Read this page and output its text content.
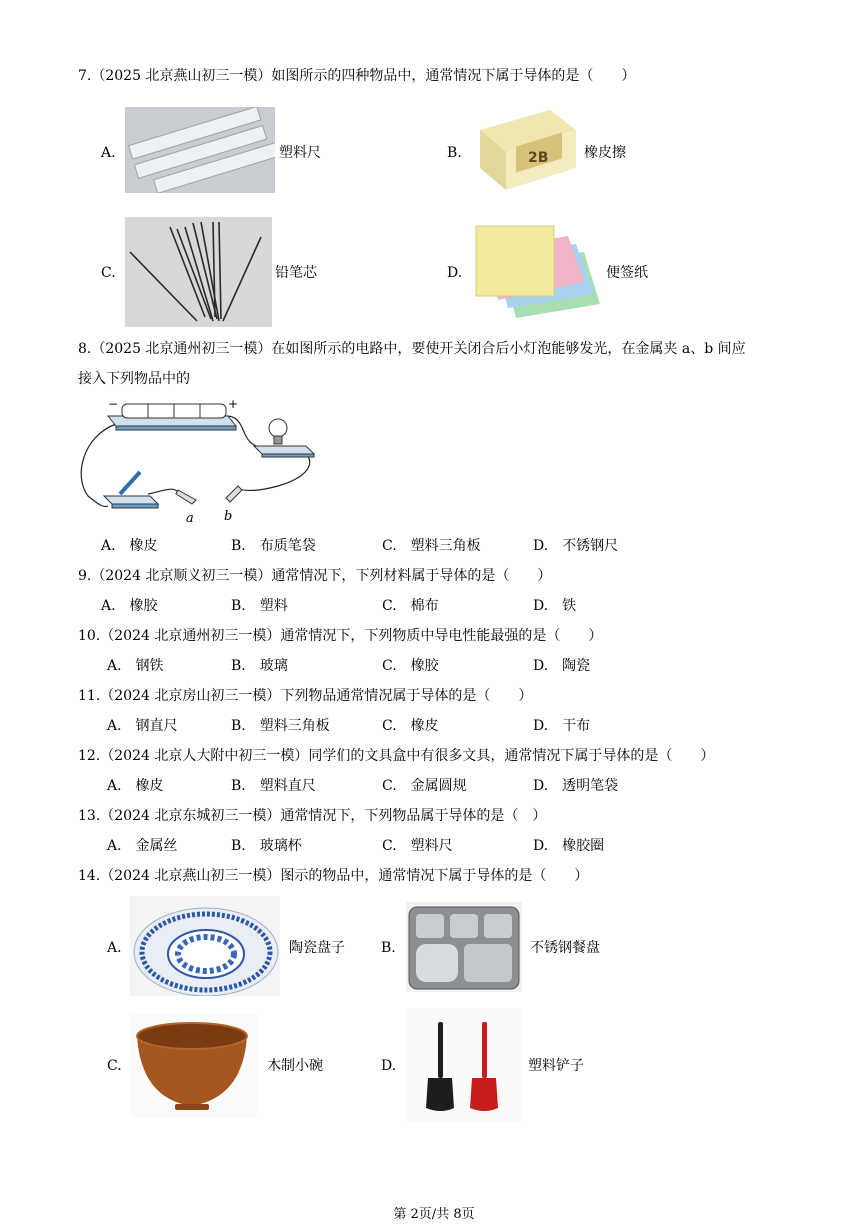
7.（2025 北京燕山初三一模）如图所示的四种物品中，通常情况下属于导体的是（　　）
A.	塑料尺	B.	2B	橡皮擦
C.	铅笔芯	D.	便签纸
8.（2025 北京通州初三一模）在如图所示的电路中，要使开关闭合后小灯泡能够发光，在金属夹 a、b 间应
接入下列物品中的
−	+
a b
A.　橡皮	B.　布质笔袋	C.　塑料三角板	D.　不锈钢尺
9.（2024 北京顺义初三一模）通常情况下，下列材料属于导体的是（　　）
A.　橡胶	B.　塑料	C.　棉布	D.　铁
10.（2024 北京通州初三一模）通常情况下，下列物质中导电性能最强的是（　　）
A.　钢铁	B.　玻璃	C.　橡胶	D.　陶瓷
11.（2024 北京房山初三一模）下列物品通常情况属于导体的是（　　）
A.　钢直尺	B.　塑料三角板	C.　橡皮	D.　干布
12.（2024 北京人大附中初三一模）同学们的文具盒中有很多文具，通常情况下属于导体的是（　　）
A.　橡皮	B.　塑料直尺	C.　金属圆规	D.　透明笔袋
13.（2024 北京东城初三一模）通常情况下，下列物品属于导体的是（　）
A.　金属丝	B.　玻璃杯	C.　塑料尺	D.　橡胶圈
14.（2024 北京燕山初三一模）图示的物品中，通常情况下属于导体的是（　　）
A.	陶瓷盘子	B.	不锈钢餐盘
C.	木制小碗	D.	塑料铲子
第 2页/共 8页
